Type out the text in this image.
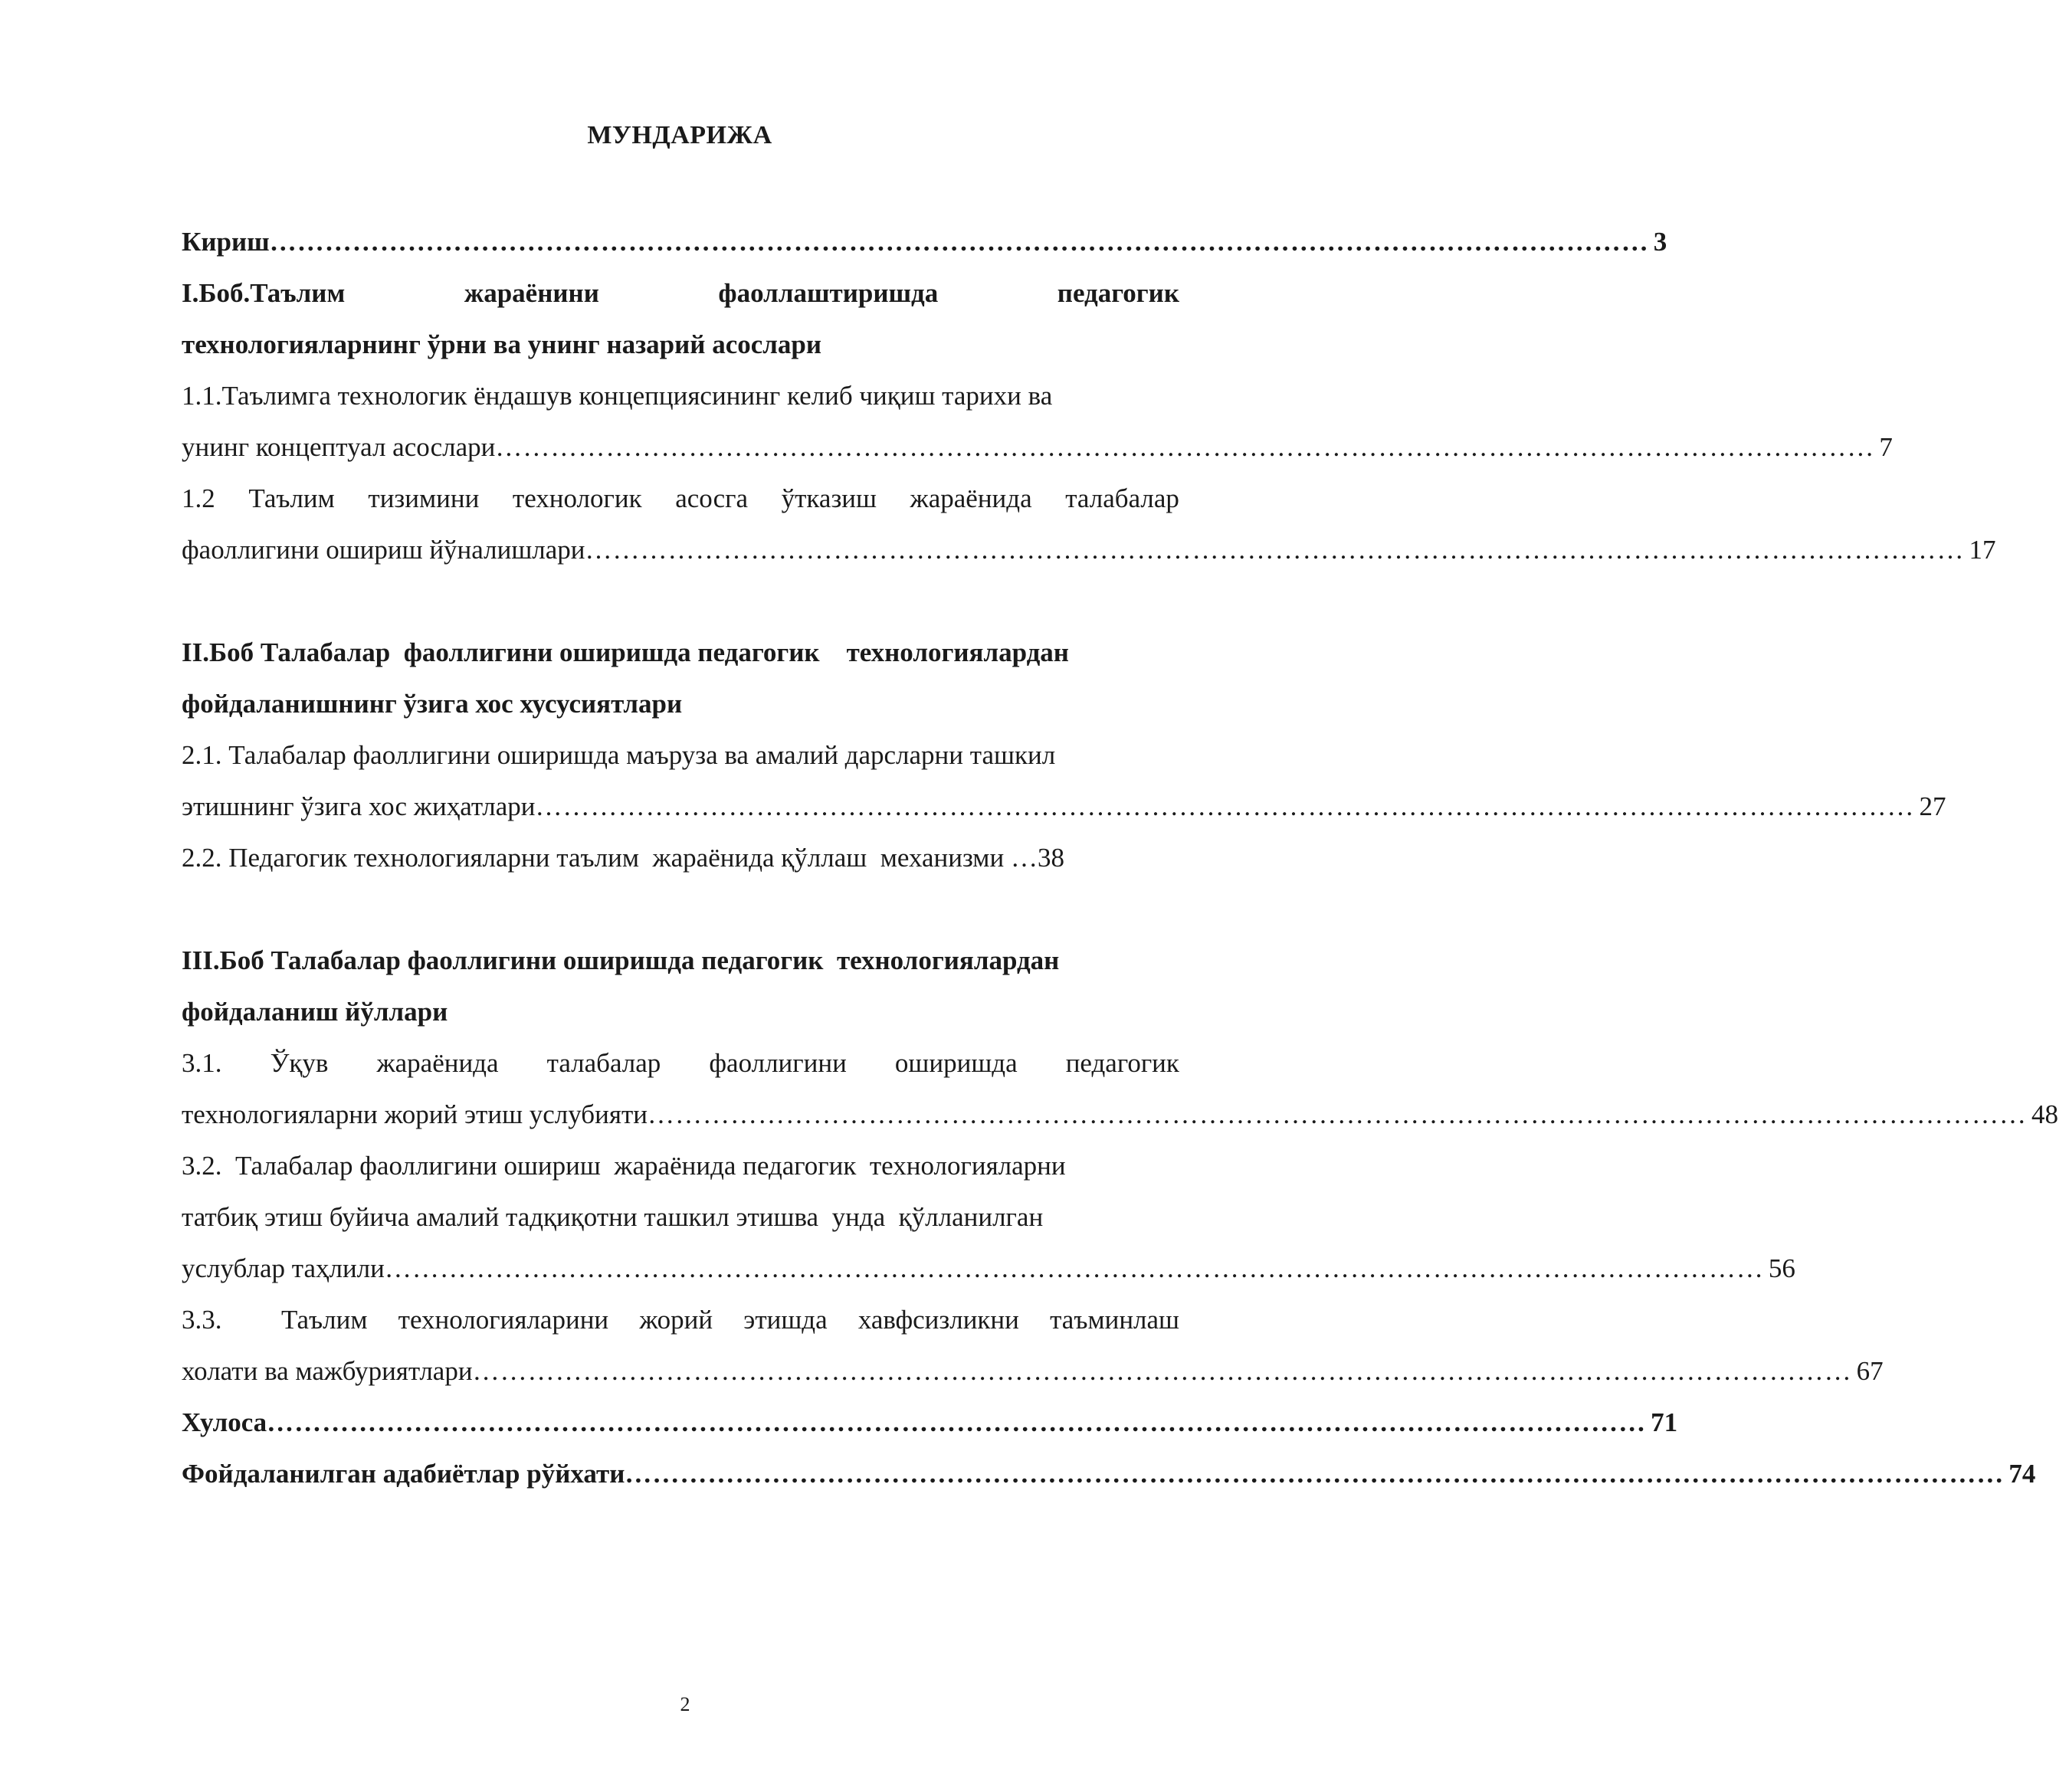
МУНДАРИЖА
Кириш …………………………………………………………………………………………………………………………………… 3
I.Боб.Таълим	жараёнини	фаоллаштиришда	педагогик
технологияларнинг ўрни ва унинг назарий асослари
1.1.Таълимга технологик ёндашув концепциясининг келиб чиқиш тарихи ва
унинг концептуал асослари …………………………………………………………………………………………………………………………………… 7
1.2 Таълим тизимини технологик асосга ўтказиш жараёнида талабалар
фаоллигини ошириш йўналишлари …………………………………………………………………………………………………………………………………… 17
II.Боб Талабалар  фаоллигини оширишда педагогик    технологиялардан
фойдаланишнинг ўзига хос хусусиятлари
2.1. Талабалар фаоллигини оширишда маъруза ва амалий дарсларни ташкил
этишнинг ўзига хос жиҳатлари …………………………………………………………………………………………………………………………………… 27
2.2. Педагогик технологияларни таълим  жараёнида қўллаш  механизми …38
III.Боб Талабалар фаоллигини оширишда педагогик  технологиялардан
фойдаланиш йўллари
3.1. Ўқув жараёнида талабалар фаоллигини оширишда педагогик
технологияларни жорий этиш услубияти …………………………………………………………………………………………………………………………………… 48
3.2.  Талабалар фаоллигини ошириш  жараёнида педагогик  технологияларни
татбиқ этиш буйича амалий тадқиқотни ташкил этишва  унда  қўлланилган
услублар таҳлили …………………………………………………………………………………………………………………………………… 56
3.3.	Таълим технологияларини жорий этишда хавфсизликни таъминлаш
холати ва мажбуриятлари …………………………………………………………………………………………………………………………………… 67
Хулоса …………………………………………………………………………………………………………………………………… 71
Фойдаланилган адабиётлар рўйхати …………………………………………………………………………………………………………………………………… 74
2
